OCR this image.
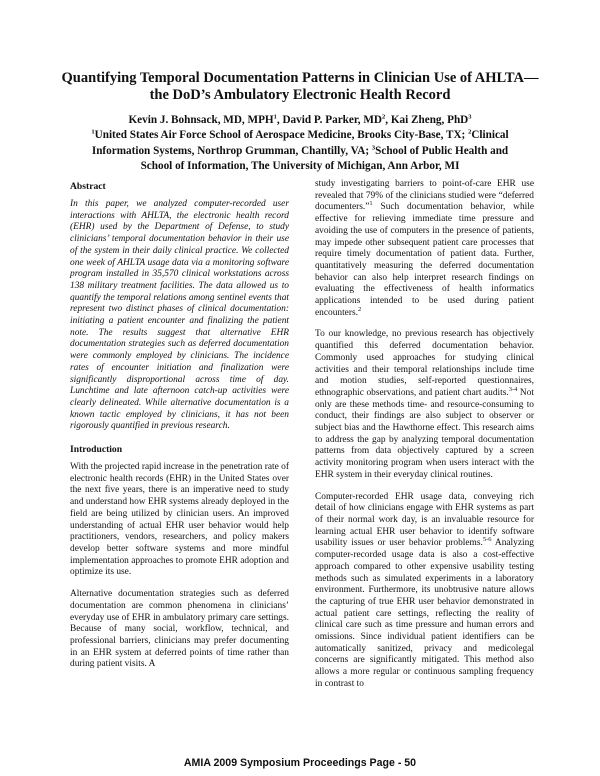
Quantifying Temporal Documentation Patterns in Clinician Use of AHLTA—
the DoD’s Ambulatory Electronic Health Record
Kevin J. Bohnsack, MD, MPH$^1$, David P. Parker, $MD^2$, Kai Zheng, PhD$^3$
$^1$United States Air Force School of Aerospace Medicine, Brooks City-Base, TX; $^2$Clinical
Information Systems, Northrop Grumman, Chantilly, VA; $^3$School of Public Health and
School of Information, The University of Michigan, Ann Arbor, MI
Abstract

In this paper, we analyzed computer-recorded user interactions with AHLTA, the electronic health record (EHR) used by the Department of Defense, to study clinicians’ temporal documentation behavior in their use of the system in their daily clinical practice. We collected one week of AHLTA usage data via a monitoring software program installed in 35,570 clinical workstations across 138 military treatment facilities. The data allowed us to quantify the temporal relations among sentinel events that represent two distinct phases of clinical documentation: initiating a patient encounter and finalizing the patient note. The results suggest that alternative EHR documentation strategies such as deferred documentation were commonly employed by clinicians. The incidence rates of encounter initiation and finalization were significantly disproportional across time of day. Lunchtime and late afternoon catch-up activities were clearly delineated. While alternative documentation is a known tactic employed by clinicians, it has not been rigorously quantified in previous research.

Introduction

With the projected rapid increase in the penetration rate of electronic health records (EHR) in the United States over the next five years, there is an imperative need to study and understand how EHR systems already deployed in the field are being utilized by clinician users. An improved understanding of actual EHR user behavior would help practitioners, vendors, researchers, and policy makers develop better software systems and more mindful implementation approaches to promote EHR adoption and optimize its use.

Alternative documentation strategies such as deferred documentation are common phenomena in clinicians’ everyday use of EHR in ambulatory primary care settings. Because of many social, workflow, technical, and professional barriers, clinicians may prefer documenting in an EHR system at deferred points of time rather than during patient visits. A

study investigating barriers to point-of-care EHR use revealed that 79% of the clinicians studied were “deferred documenters.”$^1$ Such documentation behavior, while effective for relieving immediate time pressure and avoiding the use of computers in the presence of patients, may impede other subsequent patient care processes that require timely documentation of patient data. Further, quantitatively measuring the deferred documentation behavior can also help interpret research findings on evaluating the effectiveness of health informatics applications intended to be used during patient encounters.$^2$

To our knowledge, no previous research has objectively quantified this deferred documentation behavior. Commonly used approaches for studying clinical activities and their temporal relationships include time and motion studies, self-reported questionnaires, ethnographic observations, and patient chart audits.$^{3-4}$ Not only are these methods time- and resource-consuming to conduct, their findings are also subject to observer or subject bias and the Hawthorne effect. This research aims to address the gap by analyzing temporal documentation patterns from data objectively captured by a screen activity monitoring program when users interact with the EHR system in their everyday clinical routines.

Computer-recorded EHR usage data, conveying rich detail of how clinicians engage with EHR systems as part of their normal work day, is an invaluable resource for learning actual EHR user behavior to identify software usability issues or user behavior problems.$^{5-6}$ Analyzing computer-recorded usage data is also a cost-effective approach compared to other expensive usability testing methods such as simulated experiments in a laboratory environment. Furthermore, its unobtrusive nature allows the capturing of true EHR user behavior demonstrated in actual patient care settings, reflecting the reality of clinical care such as time pressure and human errors and omissions. Since individual patient identifiers can be automatically sanitized, privacy and medicolegal concerns are significantly mitigated. This method also allows a more regular or continuous sampling frequency in contrast to

AMIA 2009 Symposium Proceedings Page - 50
